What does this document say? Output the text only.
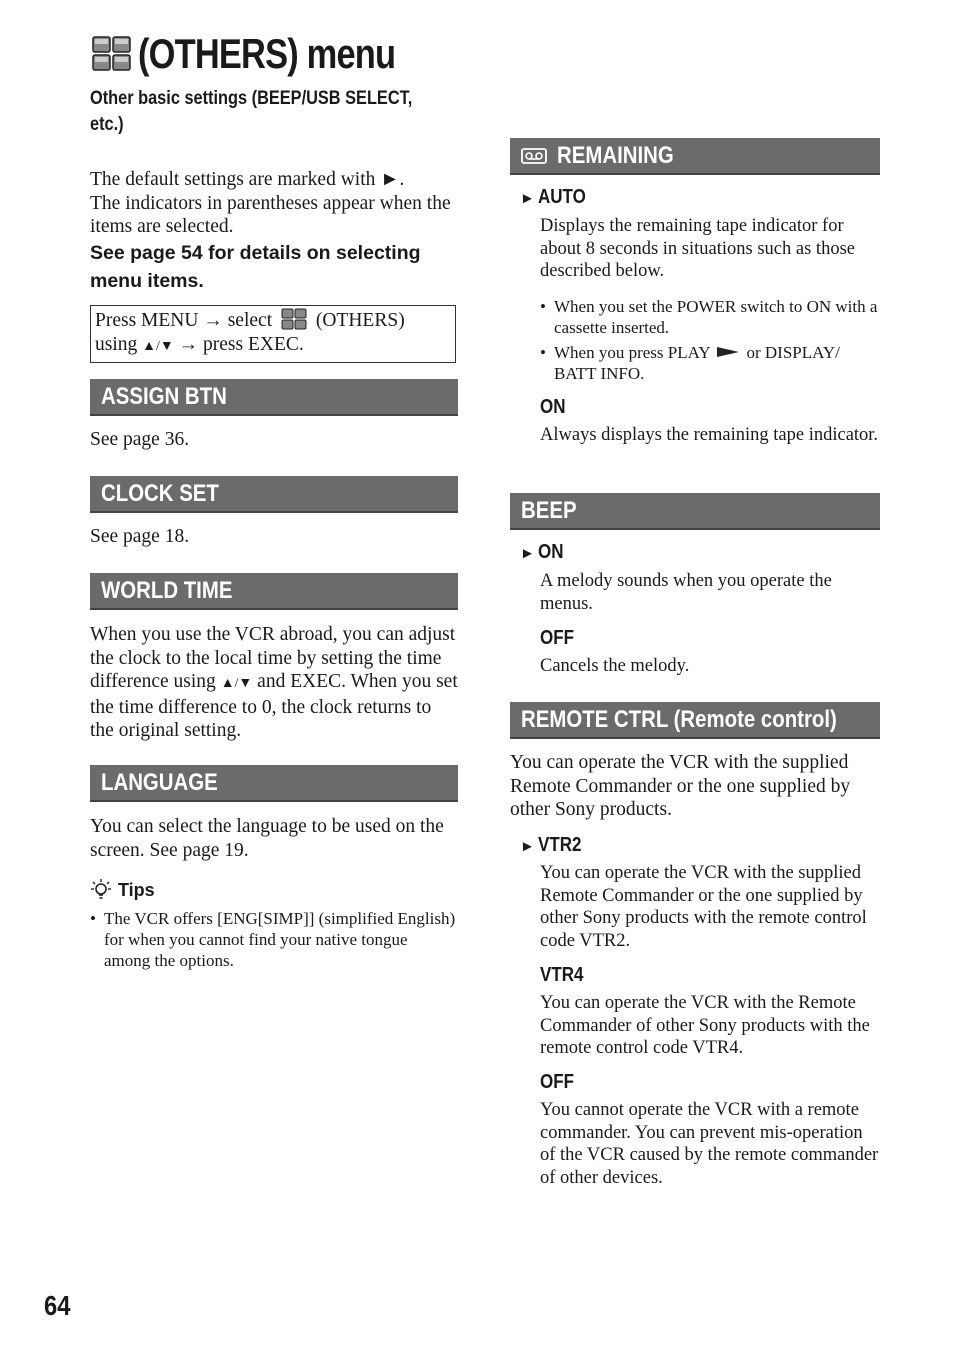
(OTHERS) menu
Other basic settings (BEEP/USB SELECT,
etc.)

The default settings are marked with ►.

The indicators in parentheses appear when the items are selected.

See page 54 for details on selecting
menu items.
Press MENU → select (OTHERS)
using ▲/▼ → press EXEC.
ASSIGN BTN

See page 36.

CLOCK SET

See page 18.

WORLD TIME

When you use the VCR abroad, you can adjust the clock to the local time by setting the time difference using ▲/▼ and EXEC. When you set the time difference to 0, the clock returns to the original setting.

LANGUAGE

You can select the language to be used on the screen. See page 19.

Tips
• The VCR offers [ENG[SIMP]] (simplified English) for when you cannot find your native tongue among the options.
64
REMAINING
► AUTO

Displays the remaining tape indicator for about 8 seconds in situations such as those described below.

• When you set the POWER switch to ON with a cassette inserted.
• When you press PLAY or DISPLAY/ BATT INFO.
ON

Always displays the remaining tape indicator.

BEEP
► ON

A melody sounds when you operate the menus.

OFF

Cancels the melody.

REMOTE CTRL (Remote control)

You can operate the VCR with the supplied Remote Commander or the one supplied by other Sony products.

► VTR2

You can operate the VCR with the supplied Remote Commander or the one supplied by other Sony products with the remote control code VTR2.

VTR4

You can operate the VCR with the Remote Commander of other Sony products with the remote control code VTR4.

OFF

You cannot operate the VCR with a remote commander. You can prevent mis-operation of the VCR caused by the remote commander of other devices.
